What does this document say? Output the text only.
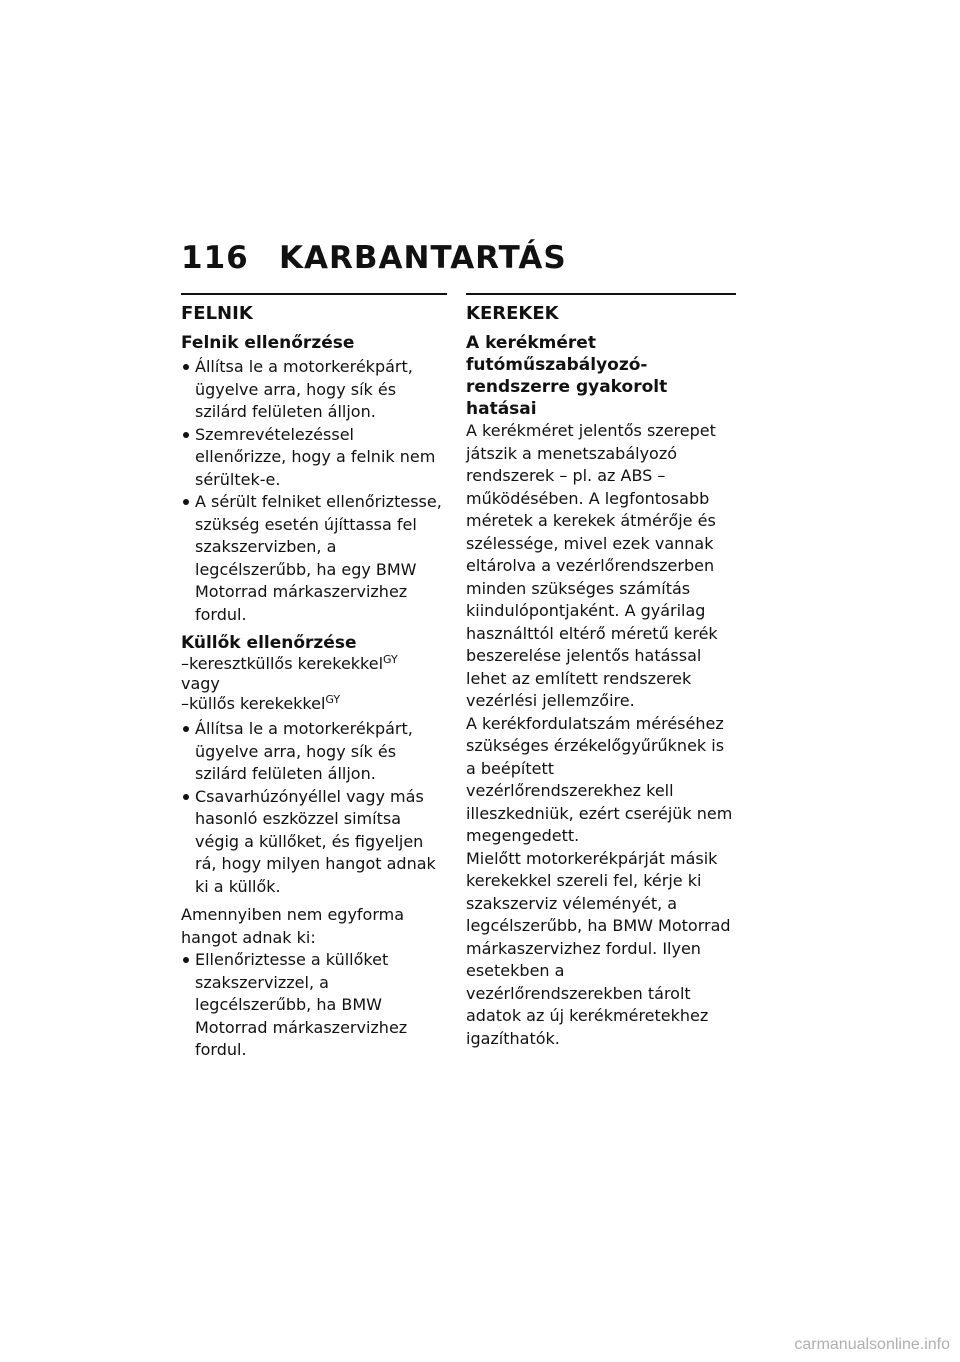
116 KARBANTARTÁS
FELNIK
Felnik ellenőrzése
Állítsa le a motorkerékpárt, ügyelve arra, hogy sík és szilárd felületen álljon.
Szemrevételezéssel ellenőrizze, hogy a felnik nem sérültek-e.
A sérült felniket ellenőriztesse, szükség esetén újíttassa fel szakszervizben, a legcélszerűbb, ha egy BMW Motorrad márkaszervizhez fordul.
Küllők ellenőrzése
–keresztküllős kerekekkel$^{GY}$
vagy
–küllős kerekekkel$^{GY}$
Állítsa le a motorkerékpárt, ügyelve arra, hogy sík és szilárd felületen álljon.
Csavarhúzónyéllel vagy más hasonló eszközzel simítsa végig a küllőket, és figyeljen rá, hogy milyen hangot adnak ki a küllők.

Amennyiben nem egyforma hangot adnak ki:

Ellenőriztesse a küllőket szakszervizzel, a legcélszerűbb, ha BMW Motorrad márkaszervizhez fordul.
KEREKEK
A kerékméret futóműszabályozó-rendszerre gyakorolt hatásai

A kerékméret jelentős szerepet játszik a menetszabályozó rendszerek – pl. az ABS – működésében. A legfontosabb méretek a kerekek átmérője és szélessége, mivel ezek vannak eltárolva a vezérlőrendszerben minden szükséges számítás kiindulópontjaként. A gyárilag használttól eltérő méretű kerék beszerelése jelentős hatással lehet az említett rendszerek vezérlési jellemzőire.

A kerékfordulatszám méréséhez szükséges érzékelőgyűrűknek is a beépített vezérlőrendszerekhez kell illeszkedniük, ezért cseréjük nem megengedett.

Mielőtt motorkerékpárját másik kerekekkel szereli fel, kérje ki szakszerviz véleményét, a legcélszerűbb, ha BMW Motorrad márkaszervizhez fordul. Ilyen esetekben a vezérlőrendszerekben tárolt adatok az új kerékméretekhez igazíthatók.

carmanualsonline.info
